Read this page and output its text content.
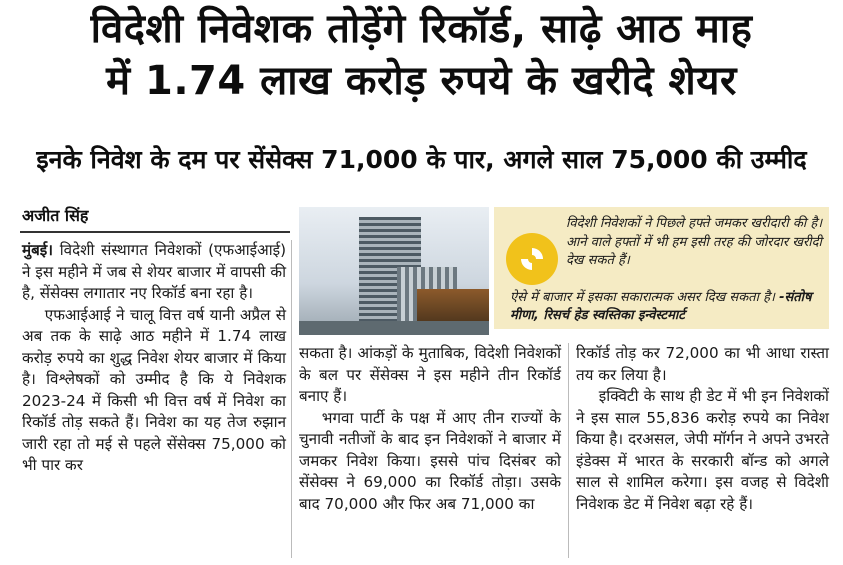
विदेशी निवेशक तोड़ेंगे रिकॉर्ड, साढ़े आठ माह
में 1.74 लाख करोड़ रुपये के खरीदे शेयर
इनके निवेश के दम पर सेंसेक्स 71,000 के पार, अगले साल 75,000 की उम्मीद
अजीत सिंह

मुंबई। विदेशी संस्थागत निवेशकों (एफआईआई) ने इस महीने में जब से शेयर बाजार में वापसी की है, सेंसेक्स लगातार नए रिकॉर्ड बना रहा है।

एफआईआई ने चालू वित्त वर्ष यानी अप्रैल से अब तक के साढ़े आठ महीने में 1.74 लाख करोड़ रुपये का शुद्ध निवेश शेयर बाजार में किया है। विश्लेषकों को उम्मीद है कि ये निवेशक 2023-24 में किसी भी वित्त वर्ष में निवेश का रिकॉर्ड तोड़ सकते हैं। निवेश का यह तेज रुझान जारी रहा तो मई से पहले सेंसेक्स 75,000 को भी पार कर

विदेशी निवेशकों ने पिछले हफ्ते जमकर खरीदारी की है। आने वाले हफ्तों में भी हम इसी तरह की जोरदार खरीदी देख सकते हैं।
ऐसे में बाजार में इसका सकारात्मक असर दिख सकता है। -संतोष मीणा, रिसर्च हेड स्वस्तिका इन्वेस्टमार्ट

सकता है। आंकड़ों के मुताबिक, विदेशी निवेशकों के बल पर सेंसेक्स ने इस महीने तीन रिकॉर्ड बनाए हैं।

भगवा पार्टी के पक्ष में आए तीन राज्यों के चुनावी नतीजों के बाद इन निवेशकों ने बाजार में जमकर निवेश किया। इससे पांच दिसंबर को सेंसेक्स ने 69,000 का रिकॉर्ड तोड़ा। उसके बाद 70,000 और फिर अब 71,000 का

रिकॉर्ड तोड़ कर 72,000 का भी आधा रास्ता तय कर लिया है।

इक्विटी के साथ ही डेट में भी इन निवेशकों ने इस साल 55,836 करोड़ रुपये का निवेश किया है। दरअसल, जेपी मॉर्गन ने अपने उभरते इंडेक्स में भारत के सरकारी बॉन्ड को अगले साल से शामिल करेगा। इस वजह से विदेशी निवेशक डेट में निवेश बढ़ा रहे हैं।
